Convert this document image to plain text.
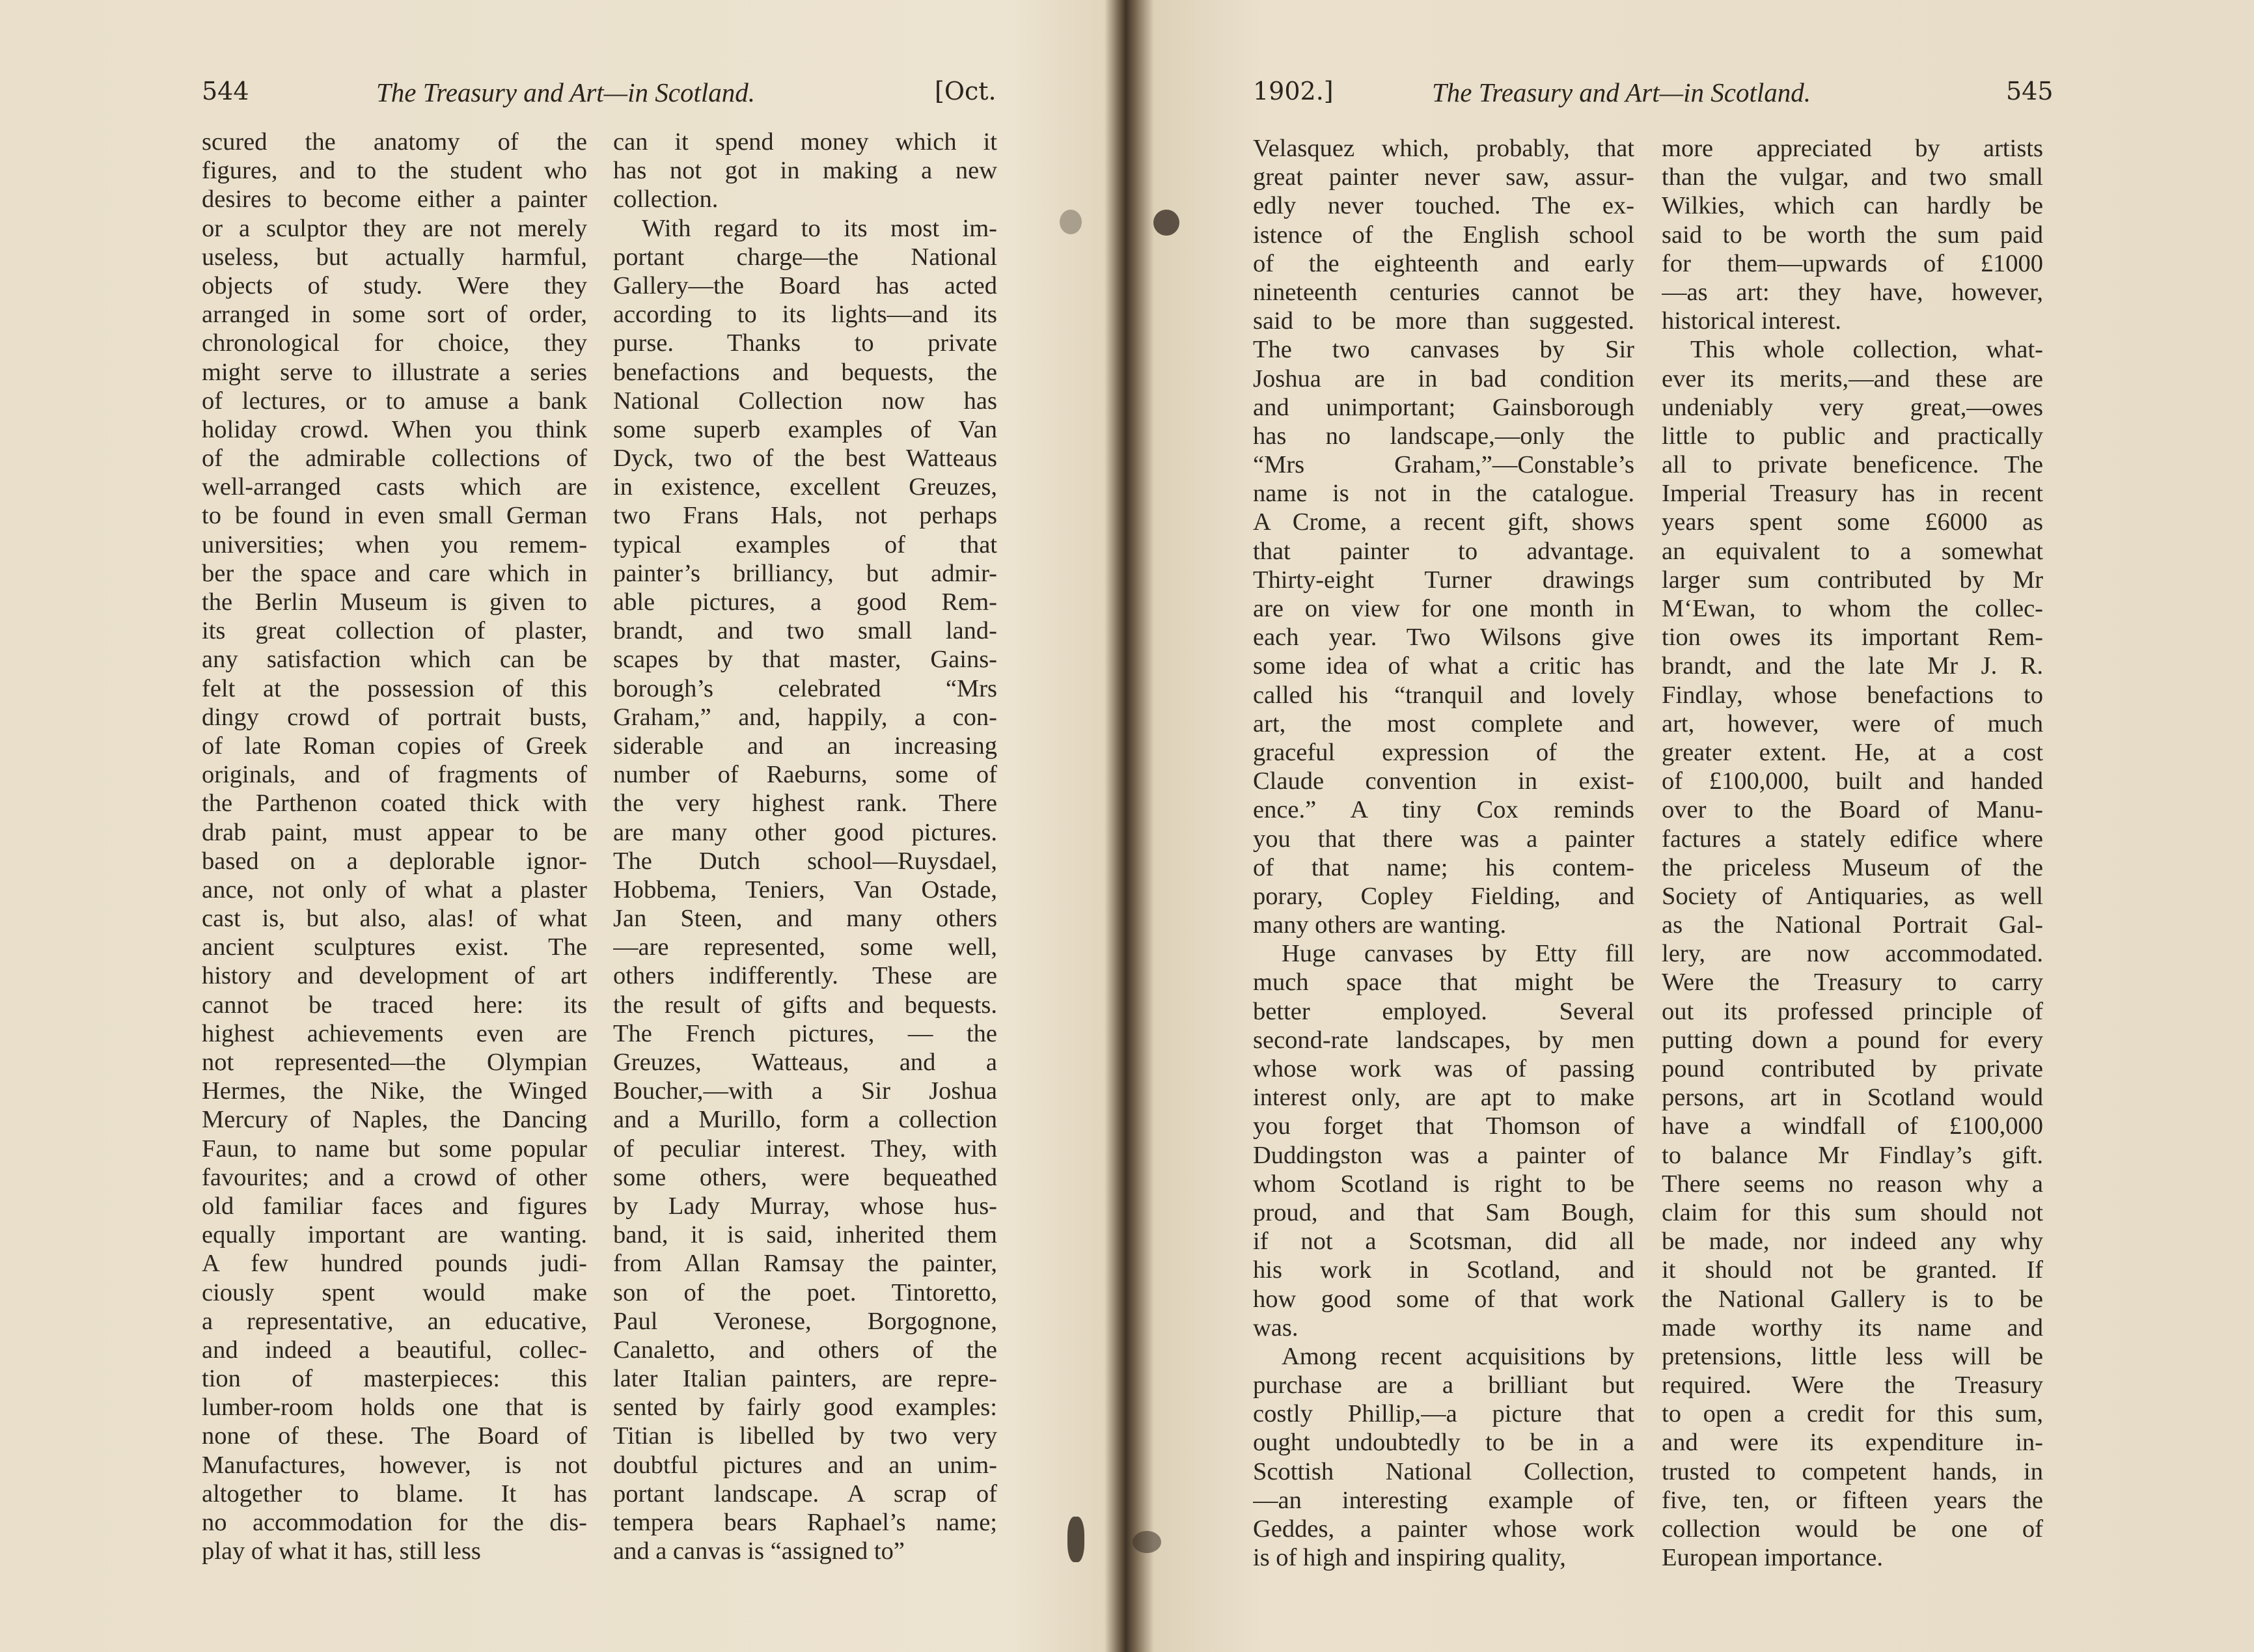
544	The Treasury and Art—in Scotland.	[Oct.
scured the anatomy of the
figures, and to the student who
desires to become either a painter
or a sculptor they are not merely
useless, but actually harmful,
objects of study. Were they
arranged in some sort of order,
chronological for choice, they
might serve to illustrate a series
of lectures, or to amuse a bank
holiday crowd. When you think
of the admirable collections of
well-arranged casts which are
to be found in even small German
universities; when you remem-
ber the space and care which in
the Berlin Museum is given to
its great collection of plaster,
any satisfaction which can be
felt at the possession of this
dingy crowd of portrait busts,
of late Roman copies of Greek
originals, and of fragments of
the Parthenon coated thick with
drab paint, must appear to be
based on a deplorable ignor-
ance, not only of what a plaster
cast is, but also, alas! of what
ancient sculptures exist. The
history and development of art
cannot be traced here: its
highest achievements even are
not represented—the Olympian
Hermes, the Nike, the Winged
Mercury of Naples, the Dancing
Faun, to name but some popular
favourites; and a crowd of other
old familiar faces and figures
equally important are wanting.
A few hundred pounds judi-
ciously spent would make
a representative, an educative,
and indeed a beautiful, collec-
tion of masterpieces: this
lumber-room holds one that is
none of these. The Board of
Manufactures, however, is not
altogether to blame. It has
no accommodation for the dis-
play of what it has, still less
can it spend money which it
has not got in making a new
collection.
With regard to its most im-
portant charge—the National
Gallery—the Board has acted
according to its lights—and its
purse. Thanks to private
benefactions and bequests, the
National Collection now has
some superb examples of Van
Dyck, two of the best Watteaus
in existence, excellent Greuzes,
two Frans Hals, not perhaps
typical examples of that
painter’s brilliancy, but admir-
able pictures, a good Rem-
brandt, and two small land-
scapes by that master, Gains-
borough’s celebrated “Mrs
Graham,” and, happily, a con-
siderable and an increasing
number of Raeburns, some of
the very highest rank. There
are many other good pictures.
The Dutch school—Ruysdael,
Hobbema, Teniers, Van Ostade,
Jan Steen, and many others
—are represented, some well,
others indifferently. These are
the result of gifts and bequests.
The French pictures, — the
Greuzes, Watteaus, and a
Boucher,—with a Sir Joshua
and a Murillo, form a collection
of peculiar interest. They, with
some others, were bequeathed
by Lady Murray, whose hus-
band, it is said, inherited them
from Allan Ramsay the painter,
son of the poet. Tintoretto,
Paul Veronese, Borgognone,
Canaletto, and others of the
later Italian painters, are repre-
sented by fairly good examples:
Titian is libelled by two very
doubtful pictures and an unim-
portant landscape. A scrap of
tempera bears Raphael’s name;
and a canvas is “assigned to”
1902.]	The Treasury and Art—in Scotland.	545
Velasquez which, probably, that
great painter never saw, assur-
edly never touched. The ex-
istence of the English school
of the eighteenth and early
nineteenth centuries cannot be
said to be more than suggested.
The two canvases by Sir
Joshua are in bad condition
and unimportant; Gainsborough
has no landscape,—only the
“Mrs Graham,”—Constable’s
name is not in the catalogue.
A Crome, a recent gift, shows
that painter to advantage.
Thirty-eight Turner drawings
are on view for one month in
each year. Two Wilsons give
some idea of what a critic has
called his “tranquil and lovely
art, the most complete and
graceful expression of the
Claude convention in exist-
ence.” A tiny Cox reminds
you that there was a painter
of that name; his contem-
porary, Copley Fielding, and
many others are wanting.
Huge canvases by Etty fill
much space that might be
better employed. Several
second-rate landscapes, by men
whose work was of passing
interest only, are apt to make
you forget that Thomson of
Duddingston was a painter of
whom Scotland is right to be
proud, and that Sam Bough,
if not a Scotsman, did all
his work in Scotland, and
how good some of that work
was.
Among recent acquisitions by
purchase are a brilliant but
costly Phillip,—a picture that
ought undoubtedly to be in a
Scottish National Collection,
—an interesting example of
Geddes, a painter whose work
is of high and inspiring quality,
more appreciated by artists
than the vulgar, and two small
Wilkies, which can hardly be
said to be worth the sum paid
for them—upwards of £1000
—as art: they have, however,
historical interest.
This whole collection, what-
ever its merits,—and these are
undeniably very great,—owes
little to public and practically
all to private beneficence. The
Imperial Treasury has in recent
years spent some £6000 as
an equivalent to a somewhat
larger sum contributed by Mr
M‘Ewan, to whom the collec-
tion owes its important Rem-
brandt, and the late Mr J. R.
Findlay, whose benefactions to
art, however, were of much
greater extent. He, at a cost
of £100,000, built and handed
over to the Board of Manu-
factures a stately edifice where
the priceless Museum of the
Society of Antiquaries, as well
as the National Portrait Gal-
lery, are now accommodated.
Were the Treasury to carry
out its professed principle of
putting down a pound for every
pound contributed by private
persons, art in Scotland would
have a windfall of £100,000
to balance Mr Findlay’s gift.
There seems no reason why a
claim for this sum should not
be made, nor indeed any why
it should not be granted. If
the National Gallery is to be
made worthy its name and
pretensions, little less will be
required. Were the Treasury
to open a credit for this sum,
and were its expenditure in-
trusted to competent hands, in
five, ten, or fifteen years the
collection would be one of
European importance.
